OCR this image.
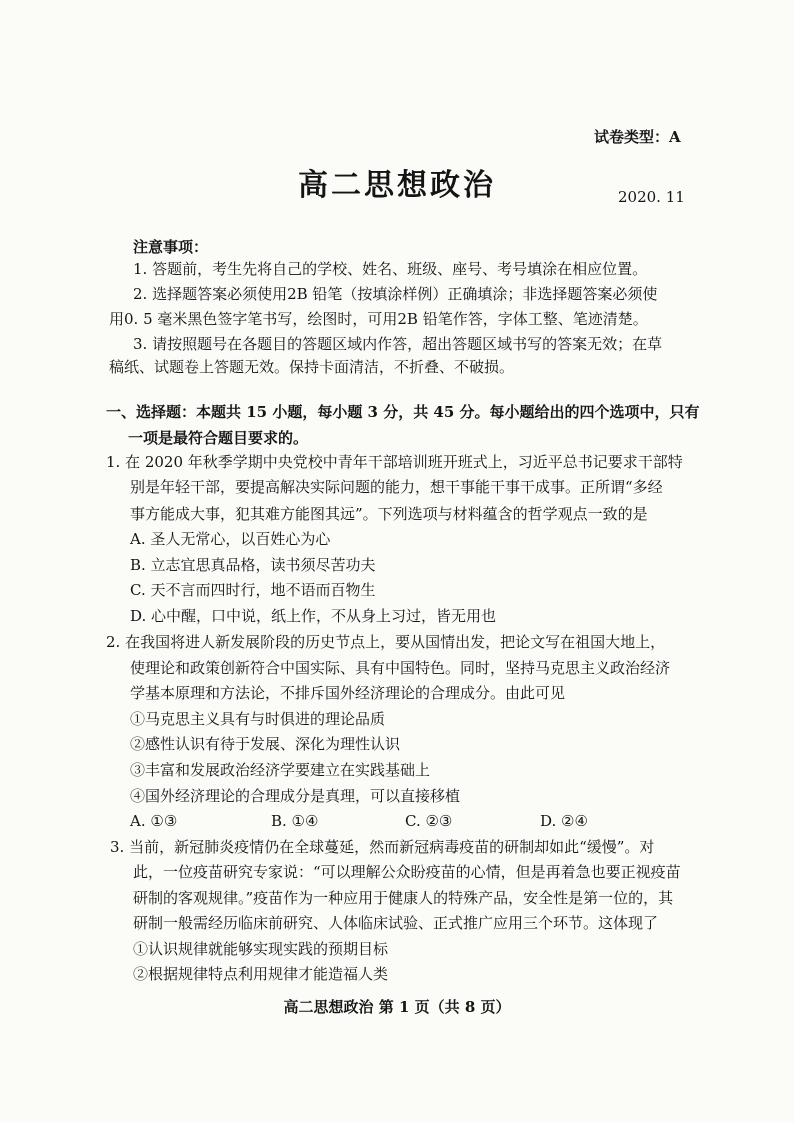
试卷类型：A
高二思想政治	2020. 11
注意事项：
1. 答题前，考生先将自己的学校、姓名、班级、座号、考号填涂在相应位置。
2. 选择题答案必须使用2B 铅笔（按填涂样例）正确填涂；非选择题答案必须使
用0. 5 毫米黑色签字笔书写，绘图时，可用2B 铅笔作答，字体工整、笔迹清楚。
3. 请按照题号在各题目的答题区域内作答，超出答题区域书写的答案无效；在草
稿纸、试题卷上答题无效。保持卡面清洁，不折叠、不破损。
一、选择题：本题共 15 小题，每小题 3 分，共 45 分。每小题给出的四个选项中，只有
一项是最符合题目要求的。
1. 在 2020 年秋季学期中央党校中青年干部培训班开班式上，习近平总书记要求干部特
别是年轻干部，要提高解决实际问题的能力，想干事能干事干成事。正所谓“多经
事方能成大事，犯其难方能图其远”。下列选项与材料蕴含的哲学观点一致的是
A. 圣人无常心，以百姓心为心
B. 立志宜思真品格，读书须尽苦功夫
C. 天不言而四时行，地不语而百物生
D. 心中醒，口中说，纸上作，不从身上习过，皆无用也
2. 在我国将进人新发展阶段的历史节点上，要从国情出发，把论文写在祖国大地上，
使理论和政策创新符合中国实际、具有中国特色。同时，坚持马克思主义政治经济
学基本原理和方法论，不排斥国外经济理论的合理成分。由此可见
①马克思主义具有与时俱进的理论品质
②感性认识有待于发展、深化为理性认识
③丰富和发展政治经济学要建立在实践基础上
④国外经济理论的合理成分是真理，可以直接移植
A. ①③	B. ①④	C. ②③	D. ②④
3. 当前，新冠肺炎疫情仍在全球蔓延，然而新冠病毒疫苗的研制却如此“缓慢”。对
此，一位疫苗研究专家说：“可以理解公众盼疫苗的心情，但是再着急也要正视疫苗
研制的客观规律。”疫苗作为一种应用于健康人的特殊产品，安全性是第一位的，其
研制一般需经历临床前研究、人体临床试验、正式推广应用三个环节。这体现了
①认识规律就能够实现实践的预期目标
②根据规律特点利用规律才能造福人类
高二思想政治 第 1 页（共 8 页）
